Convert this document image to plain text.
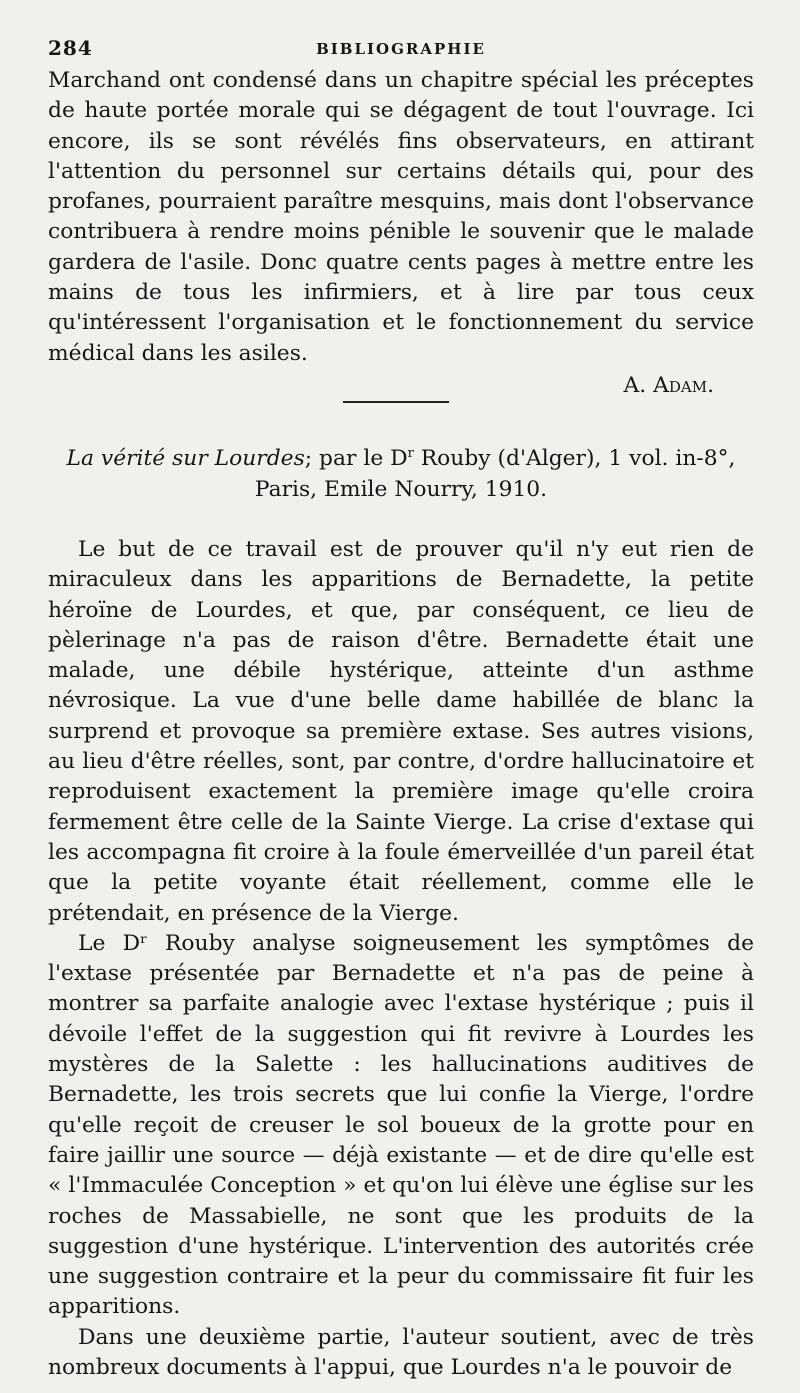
284	BIBLIOGRAPHIE

Marchand ont condensé dans un chapitre spécial les préceptes de haute portée morale qui se dégagent de tout l'ouvrage. Ici encore, ils se sont révélés fins observateurs, en attirant l'attention du personnel sur certains détails qui, pour des profanes, pourraient paraître mesquins, mais dont l'observance contribuera à rendre moins pénible le souvenir que le malade gardera de l'asile. Donc quatre cents pages à mettre entre les mains de tous les infirmiers, et à lire par tous ceux qu'intéressent l'organisation et le fonctionnement du service médical dans les asiles.

A. Adam.
La vérité sur Lourdes; par le $D^r$ Rouby (d'Alger), 1 vol. in-8°,
Paris, Emile Nourry, 1910.

Le but de ce travail est de prouver qu'il n'y eut rien de miraculeux dans les apparitions de Bernadette, la petite héroïne de Lourdes, et que, par conséquent, ce lieu de pèlerinage n'a pas de raison d'être. Bernadette était une malade, une débile hystérique, atteinte d'un asthme névrosique. La vue d'une belle dame habillée de blanc la surprend et provoque sa première extase. Ses autres visions, au lieu d'être réelles, sont, par contre, d'ordre hallucinatoire et reproduisent exactement la première image qu'elle croira fermement être celle de la Sainte Vierge. La crise d'extase qui les accompagna fit croire à la foule émerveillée d'un pareil état que la petite voyante était réellement, comme elle le prétendait, en présence de la Vierge.

Le Dʳ Rouby analyse soigneusement les symptômes de l'extase présentée par Bernadette et n'a pas de peine à montrer sa parfaite analogie avec l'extase hystérique ; puis il dévoile l'effet de la suggestion qui fit revivre à Lourdes les mystères de la Salette : les hallucinations auditives de Bernadette, les trois secrets que lui confie la Vierge, l'ordre qu'elle reçoit de creuser le sol boueux de la grotte pour en faire jaillir une source — déjà existante — et de dire qu'elle est « l'Immaculée Conception » et qu'on lui élève une église sur les roches de Massabielle, ne sont que les produits de la suggestion d'une hystérique. L'intervention des autorités crée une suggestion contraire et la peur du commissaire fit fuir les apparitions.

Dans une deuxième partie, l'auteur soutient, avec de très nombreux documents à l'appui, que Lourdes n'a le pouvoir de
